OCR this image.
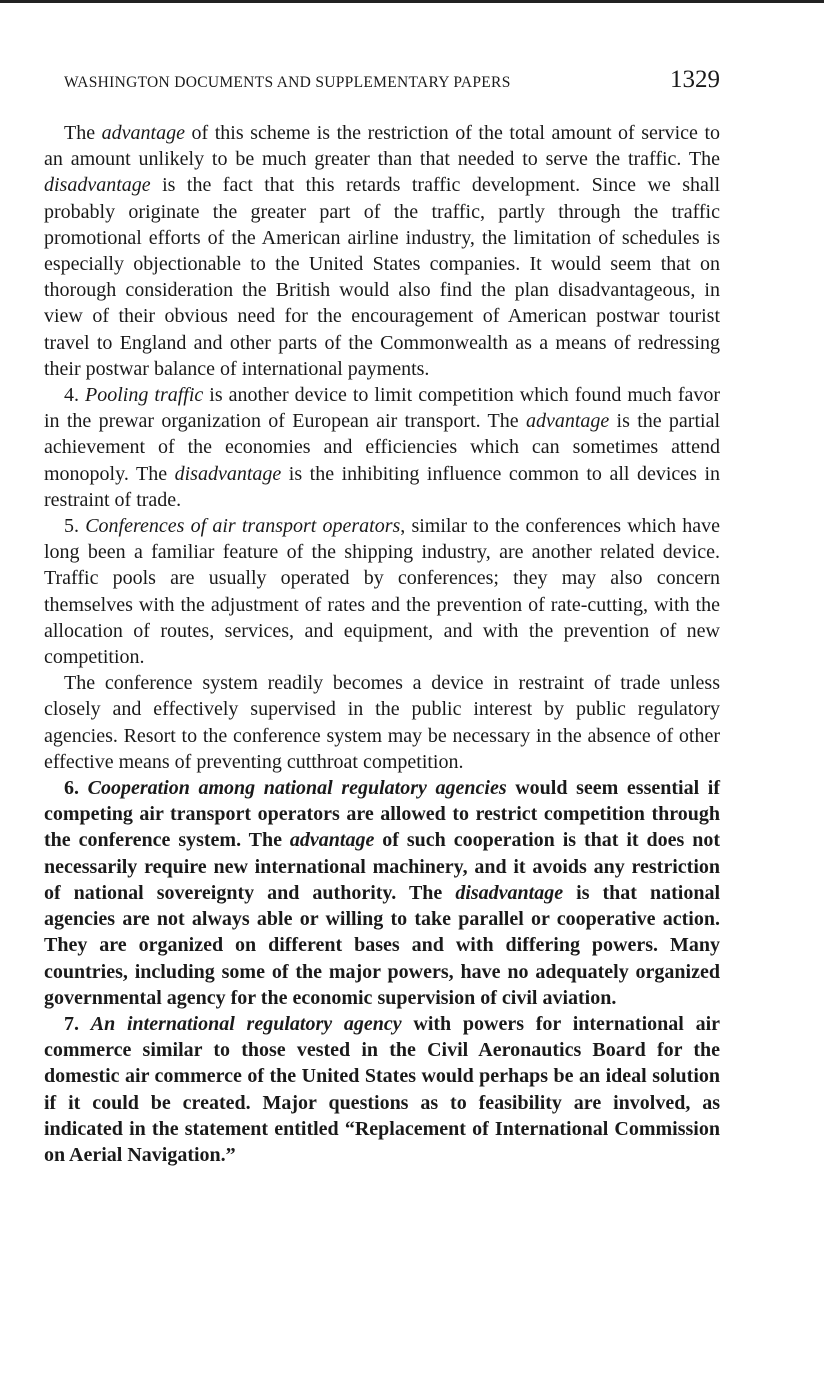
WASHINGTON DOCUMENTS AND SUPPLEMENTARY PAPERS	1329

The advantage of this scheme is the restriction of the total amount of service to an amount unlikely to be much greater than that needed to serve the traffic. The disadvantage is the fact that this retards traffic development. Since we shall probably originate the greater part of the traffic, partly through the traffic promotional efforts of the American airline industry, the limitation of schedules is especially objectionable to the United States companies. It would seem that on thorough consideration the British would also find the plan disadvantageous, in view of their obvious need for the encouragement of American postwar tourist travel to England and other parts of the Commonwealth as a means of redressing their postwar balance of international payments.

4. Pooling traffic is another device to limit competition which found much favor in the prewar organization of European air transport. The advantage is the partial achievement of the economies and efficiencies which can sometimes attend monopoly. The disadvantage is the inhibiting influence common to all devices in restraint of trade.

5. Conferences of air transport operators, similar to the conferences which have long been a familiar feature of the shipping industry, are another related device. Traffic pools are usually operated by conferences; they may also concern themselves with the adjustment of rates and the prevention of rate-cutting, with the allocation of routes, services, and equipment, and with the prevention of new competition.

The conference system readily becomes a device in restraint of trade unless closely and effectively supervised in the public interest by public regulatory agencies. Resort to the conference system may be necessary in the absence of other effective means of preventing cutthroat competition.

6. Cooperation among national regulatory agencies would seem essential if competing air transport operators are allowed to restrict competition through the conference system. The advantage of such cooperation is that it does not necessarily require new international machinery, and it avoids any restriction of national sovereignty and authority. The disadvantage is that national agencies are not always able or willing to take parallel or cooperative action. They are organized on different bases and with differing powers. Many countries, including some of the major powers, have no adequately organized governmental agency for the economic supervision of civil aviation.

7. An international regulatory agency with powers for international air commerce similar to those vested in the Civil Aeronautics Board for the domestic air commerce of the United States would perhaps be an ideal solution if it could be created. Major questions as to feasibility are involved, as indicated in the statement entitled “Replacement of International Commission on Aerial Navigation.”
